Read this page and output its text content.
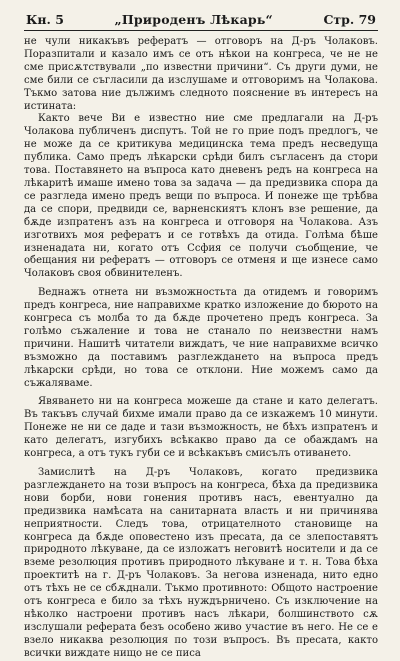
Кн. 5	„Природенъ Лѣкарь“	Стр. 79

не чули никакъвъ рефератъ — отговоръ на Д-ръ Чолаковъ. Поразпитали и казало имъ се отъ нѣкои на конгреса, че не не сме присѫтствували „по известни причини“. Съ други думи, не сме били се съгласили да изслушаме и отговоримъ на Чолакова. Тъкмо затова ние дължимъ следното пояснение въ интересъ на истината:

Както вече Ви е известно ние сме предлагали на Д-ръ Чолакова публиченъ диспутъ. Той не го прие подъ предлогъ, че не може да се критикува медицинска тема предъ несведуща публика. Само предъ лѣкарски срѣди билъ съгласенъ да стори това. Поставянето на въпроса като дневенъ редъ на конгреса на лѣкаритѣ имаше имено това за задача — да предизвика спора да се разгледа имено предъ вещи по въпроса. И понеже ще трѣбва да се спори, предвиди се, варненскиятъ клонъ взе решение, да бѫде изпратенъ азъ на конгреса и отговоря на Чолакова. Азъ изготвихъ моя рефератъ и се готвѣхъ да отида. Голѣма бѣше изненадата ни, когато отъ Ссфия се получи съобщение, че обещания ни рефератъ — отговоръ се отменя и ще изнесе само Чолаковъ своя обвинителенъ.

Веднажъ отнета ни възможностьта да отидемъ и говоримъ предъ конгреса, ние направихме кратко изложение до бюрото на конгреса съ молба то да бѫде прочетено предъ конгреса. За голѣмо съжаление и това не станало по неизвестни намъ причини. Нашитѣ читатели виждатъ, че ние направихме всичко възможно да поставимъ разглеждането на въпроса предъ лѣкарски срѣди, но това се отклони. Ние можемъ само да съжаляваме.

Явяването ни на конгреса можеше да стане и като делегатъ. Въ такъвъ случай бихме имали право да се изкажемъ 10 минути. Понеже не ни се даде и тази възможность, не бѣхъ изпратенъ и като делегатъ, изгубихъ всѣкакво право да се обаждамъ на конгреса, а отъ тукъ губи се и всѣкакъвъ смисълъ отиването.

Замислитѣ на Д-ръ Чолаковъ, когато предизвика разглеждането на този въпросъ на конгреса, бѣха да предизвика нови борби, нови гонения противъ насъ, евентуално да предизвика намѣсата на санитарната власть и ни причинява неприятности. Следъ това, отрицателното становище на конгреса да бѫде оповестено изъ пресата, да се злепоставятъ природното лѣкуване, да се изложатъ неговитѣ носители и да се вземе резолюция противъ природното лѣкуване и т. н. Това бѣха проектитѣ на г. Д-ръ Чолаковъ. За негова изненада, нито едно отъ тѣхъ не се сбѫднали. Тъкмо противното: Общото настроение отъ конгреса е било за тѣхъ нуждърничено. Съ изключение на нѣколко настроени противъ насъ лѣкари, болшинството сѫ изслушали реферата безъ особено живо участие въ него. Не се е взело никаква резолюция по този въпросъ. Въ пресата, както всички виждате нищо не се писа
